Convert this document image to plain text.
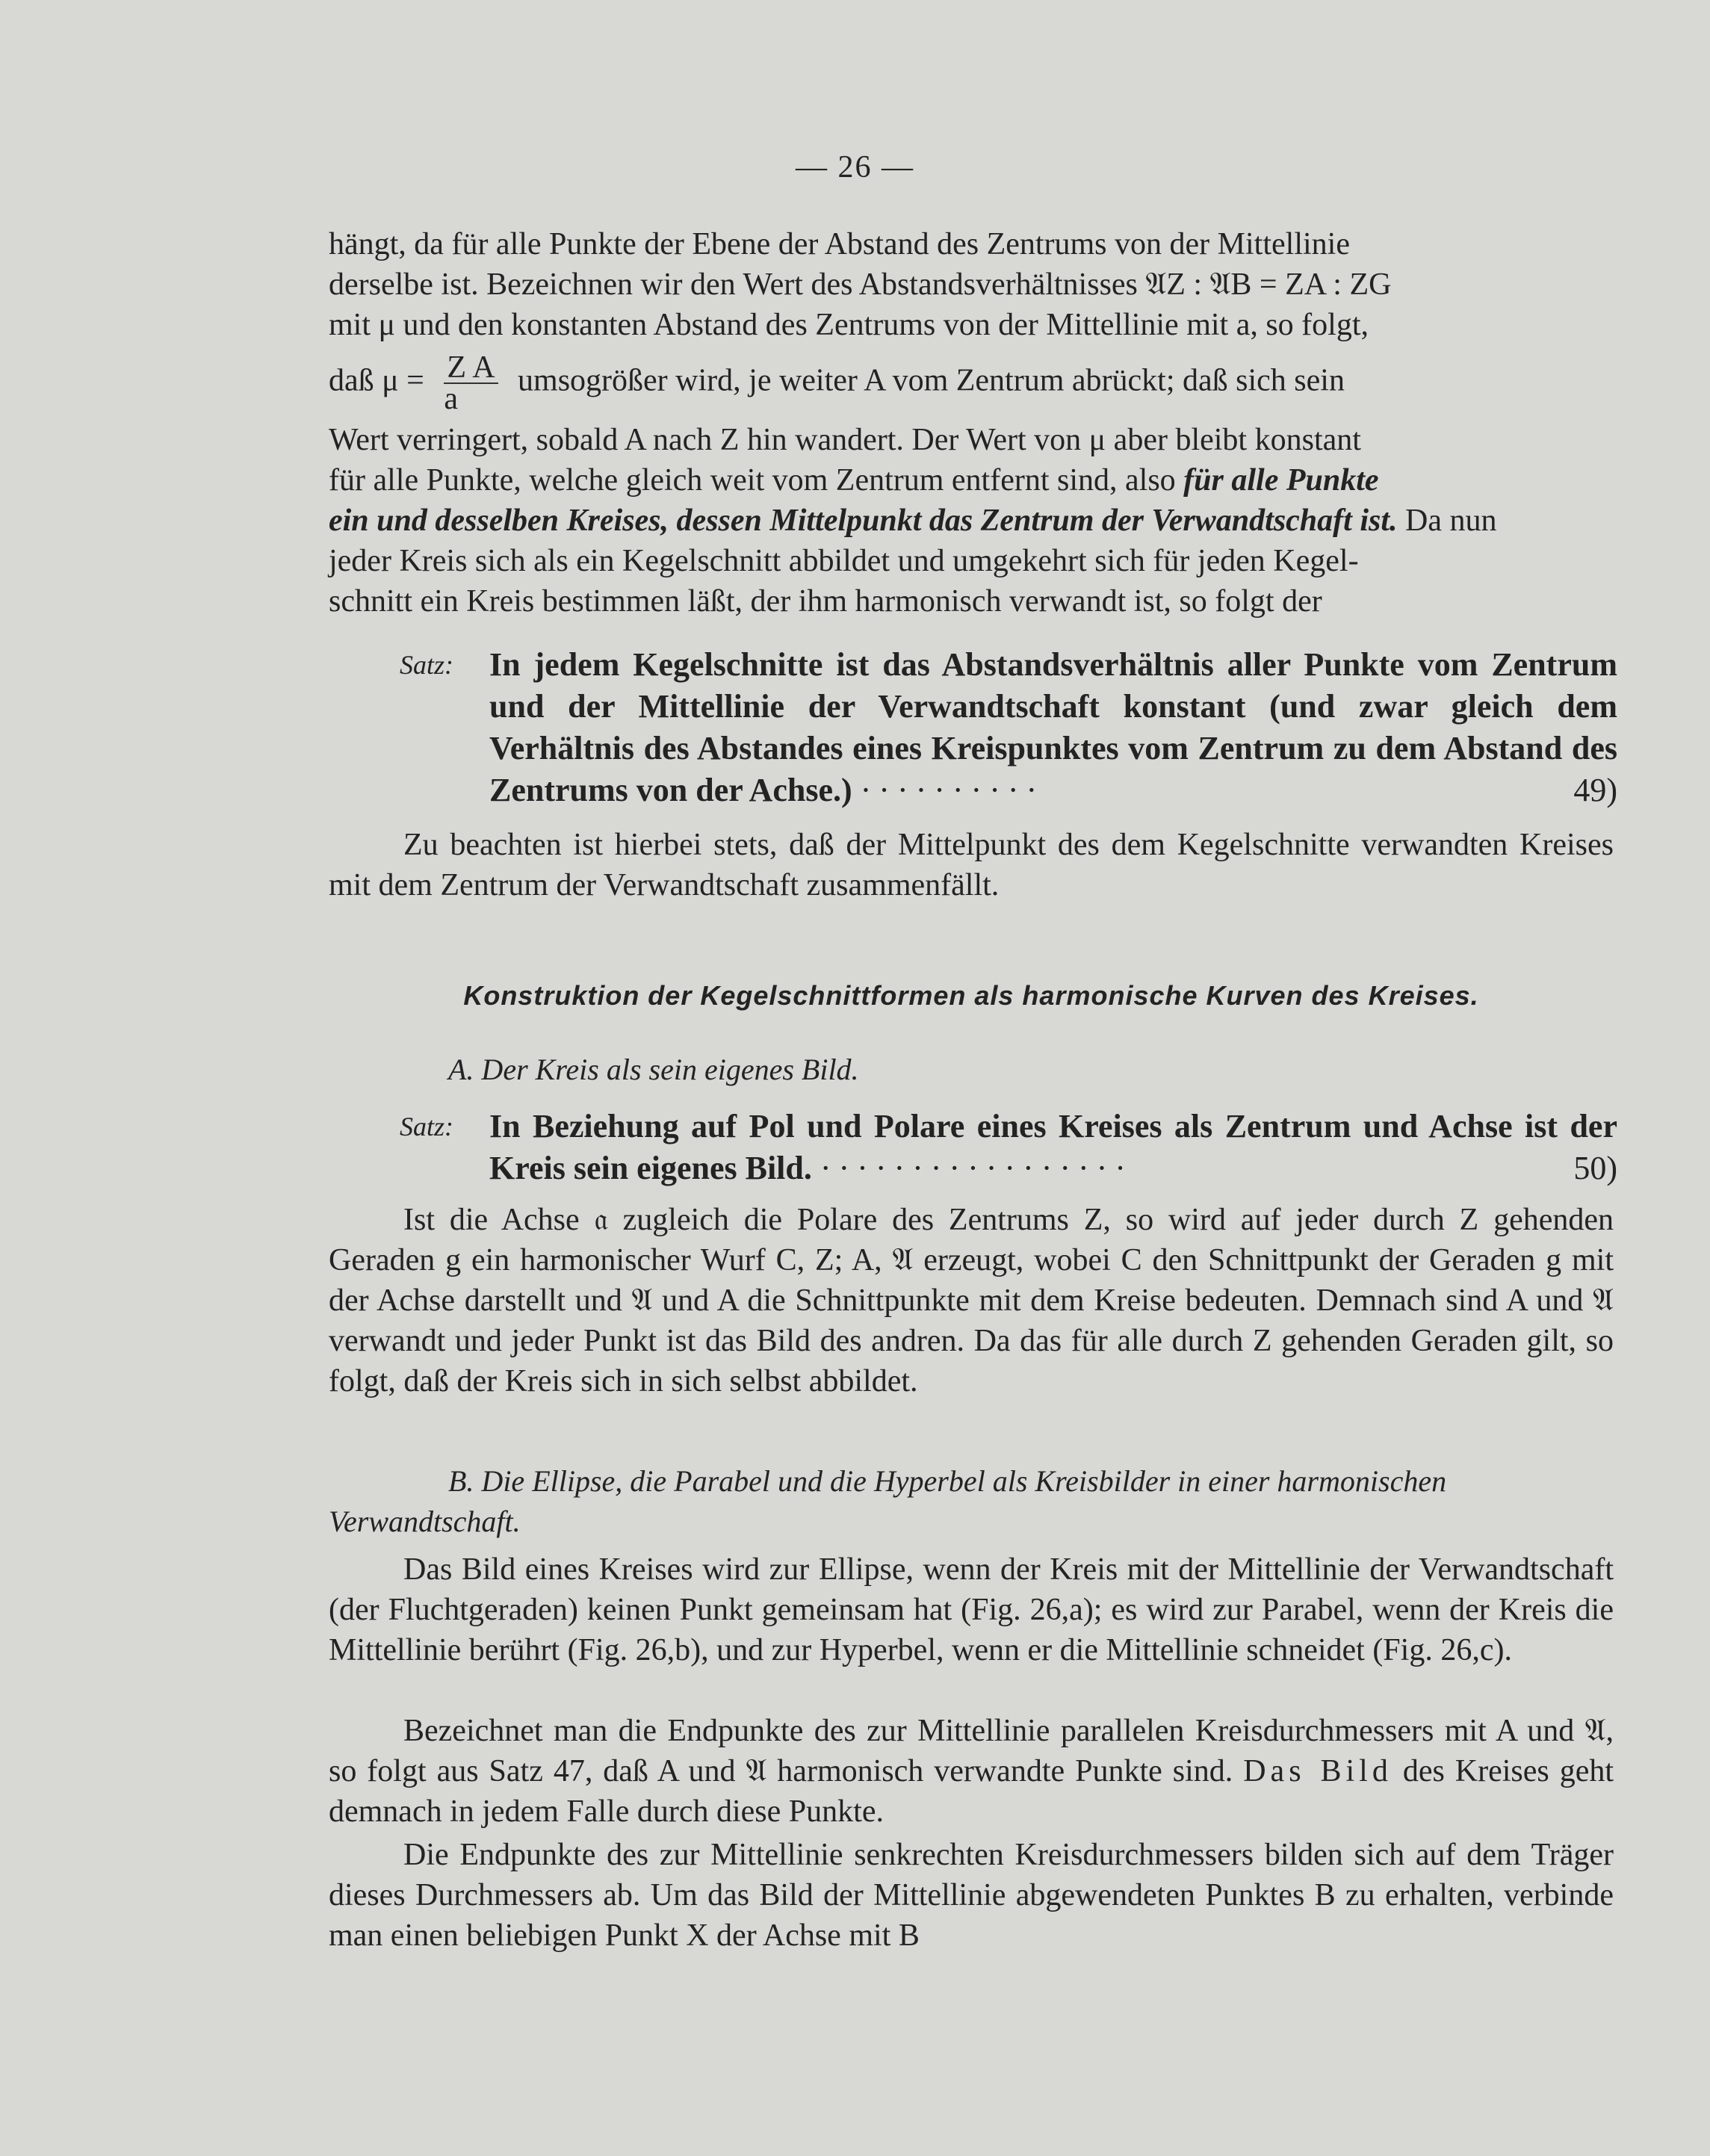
— 26 —
hängt, da für alle Punkte der Ebene der Abstand des Zentrums von der Mittellinie
derselbe ist. Bezeichnen wir den Wert des Abstandsverhältnisses 𝔄Z : 𝔄B = ZA : ZG
mit μ und den konstanten Abstand des Zentrums von der Mittellinie mit a, so folgt,
daß $\mu = \frac{\text{Z A}}{a}$ umsogrößer wird, je weiter A vom Zentrum abrückt; daß sich sein
Wert verringert, sobald A nach Z hin wandert. Der Wert von μ aber bleibt konstant
für alle Punkte, welche gleich weit vom Zentrum entfernt sind, also für alle Punkte
ein und desselben Kreises, dessen Mittelpunkt das Zentrum der Verwandtschaft ist. Da nun
jeder Kreis sich als ein Kegelschnitt abbildet und umgekehrt sich für jeden Kegel-
schnitt ein Kreis bestimmen läßt, der ihm harmonisch verwandt ist, so folgt der
Satz: In jedem Kegelschnitte ist das Abstandsverhältnis aller Punkte vom Zentrum und der Mittellinie der Verwandtschaft konstant (und zwar gleich dem Verhältnis des Abstandes eines Kreispunktes vom Zentrum zu dem Abstand des Zentrums von der Achse.) ··········	49)
Zu beachten ist hierbei stets, daß der Mittelpunkt des dem Kegelschnitte verwandten Kreises mit dem Zentrum der Verwandtschaft zusammenfällt.
Konstruktion der Kegelschnittformen als harmonische Kurven des Kreises.
A. Der Kreis als sein eigenes Bild.
Satz: In Beziehung auf Pol und Polare eines Kreises als Zentrum und Achse ist der Kreis sein eigenes Bild. ·················	50)
Ist die Achse 𝔞 zugleich die Polare des Zentrums Z, so wird auf jeder durch Z gehenden Geraden g ein harmonischer Wurf C, Z; A, 𝔄 erzeugt, wobei C den Schnittpunkt der Geraden g mit der Achse darstellt und 𝔄 und A die Schnittpunkte mit dem Kreise bedeuten. Demnach sind A und 𝔄 verwandt und jeder Punkt ist das Bild des andren. Da das für alle durch Z gehenden Geraden gilt, so folgt, daß der Kreis sich in sich selbst abbildet.
B. Die Ellipse, die Parabel und die Hyperbel als Kreisbilder in einer harmonischen Verwandtschaft.
Das Bild eines Kreises wird zur Ellipse, wenn der Kreis mit der Mittellinie der Verwandtschaft (der Fluchtgeraden) keinen Punkt gemeinsam hat (Fig. 26,a); es wird zur Parabel, wenn der Kreis die Mittellinie berührt (Fig. 26,b), und zur Hyperbel, wenn er die Mittellinie schneidet (Fig. 26,c).
Bezeichnet man die Endpunkte des zur Mittellinie parallelen Kreisdurchmessers mit A und 𝔄, so folgt aus Satz 47, daß A und 𝔄 harmonisch verwandte Punkte sind. Das Bild des Kreises geht demnach in jedem Falle durch diese Punkte.
Die Endpunkte des zur Mittellinie senkrechten Kreisdurchmessers bilden sich auf dem Träger dieses Durchmessers ab. Um das Bild der Mittellinie abgewendeten Punktes B zu erhalten, verbinde man einen beliebigen Punkt X der Achse mit B
